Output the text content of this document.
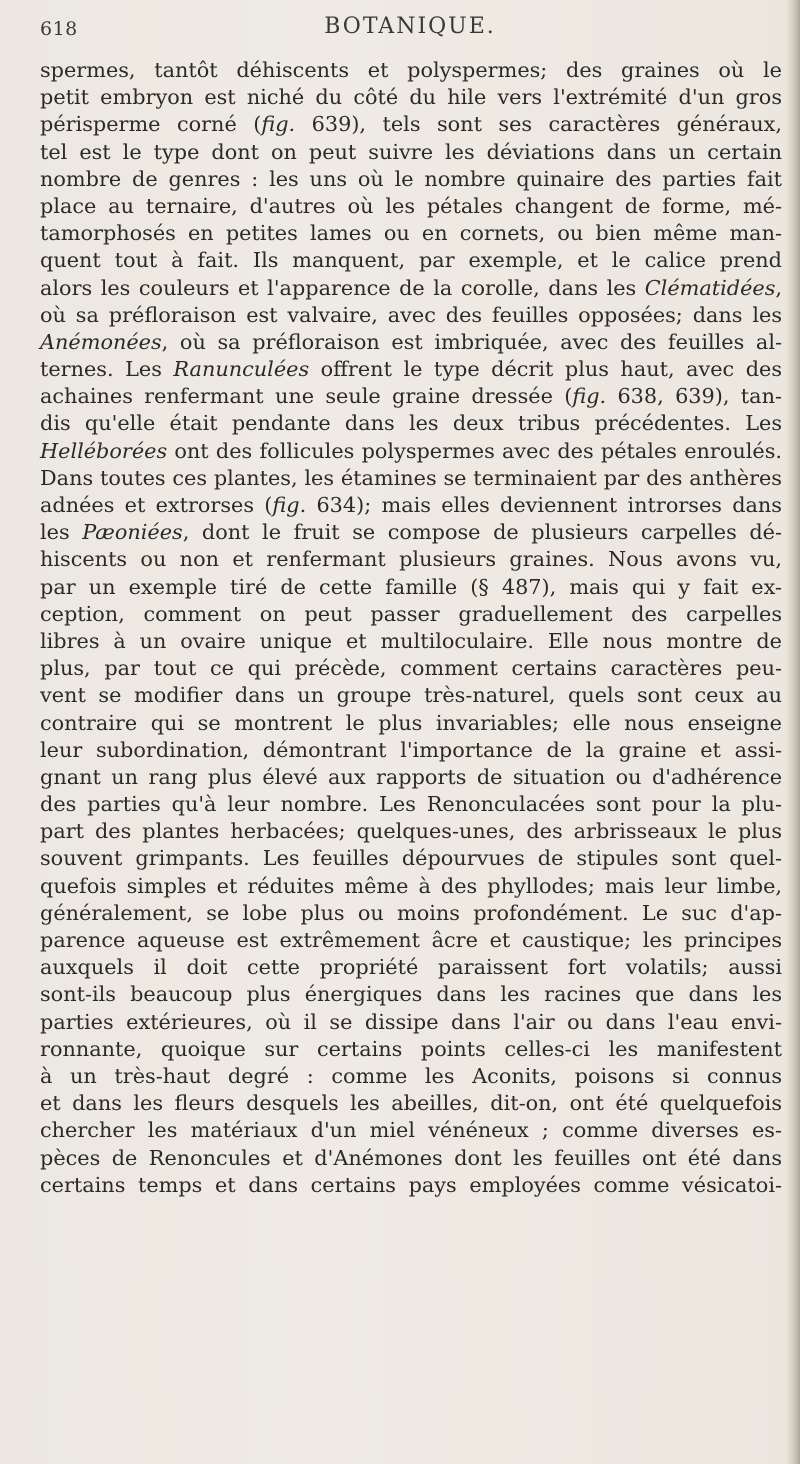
618	BOTANIQUE.
spermes, tantôt déhiscents et polyspermes; des graines où le
petit embryon est niché du côté du hile vers l'extrémité d'un gros
périsperme corné (fig. 639), tels sont ses caractères généraux,
tel est le type dont on peut suivre les déviations dans un certain
nombre de genres : les uns où le nombre quinaire des parties fait
place au ternaire, d'autres où les pétales changent de forme, mé-
tamorphosés en petites lames ou en cornets, ou bien même man-
quent tout à fait. Ils manquent, par exemple, et le calice prend
alors les couleurs et l'apparence de la corolle, dans les Clématidées,
où sa préfloraison est valvaire, avec des feuilles opposées; dans les
Anémonées, où sa préfloraison est imbriquée, avec des feuilles al-
ternes. Les Ranunculées offrent le type décrit plus haut, avec des
achaines renfermant une seule graine dressée (fig. 638, 639), tan-
dis qu'elle était pendante dans les deux tribus précédentes. Les
Helléborées ont des follicules polyspermes avec des pétales enroulés.
Dans toutes ces plantes, les étamines se terminaient par des anthères
adnées et extrorses (fig. 634); mais elles deviennent introrses dans
les Pæoniées, dont le fruit se compose de plusieurs carpelles dé-
hiscents ou non et renfermant plusieurs graines. Nous avons vu,
par un exemple tiré de cette famille (§ 487), mais qui y fait ex-
ception, comment on peut passer graduellement des carpelles
libres à un ovaire unique et multiloculaire. Elle nous montre de
plus, par tout ce qui précède, comment certains caractères peu-
vent se modifier dans un groupe très-naturel, quels sont ceux au
contraire qui se montrent le plus invariables; elle nous enseigne
leur subordination, démontrant l'importance de la graine et assi-
gnant un rang plus élevé aux rapports de situation ou d'adhérence
des parties qu'à leur nombre. Les Renonculacées sont pour la plu-
part des plantes herbacées; quelques-unes, des arbrisseaux le plus
souvent grimpants. Les feuilles dépourvues de stipules sont quel-
quefois simples et réduites même à des phyllodes; mais leur limbe,
généralement, se lobe plus ou moins profondément. Le suc d'ap-
parence aqueuse est extrêmement âcre et caustique; les principes
auxquels il doit cette propriété paraissent fort volatils; aussi
sont-ils beaucoup plus énergiques dans les racines que dans les
parties extérieures, où il se dissipe dans l'air ou dans l'eau envi-
ronnante, quoique sur certains points celles-ci les manifestent
à un très-haut degré : comme les Aconits, poisons si connus
et dans les fleurs desquels les abeilles, dit-on, ont été quelquefois
chercher les matériaux d'un miel vénéneux ; comme diverses es-
pèces de Renoncules et d'Anémones dont les feuilles ont été dans
certains temps et dans certains pays employées comme vésicatoi-
